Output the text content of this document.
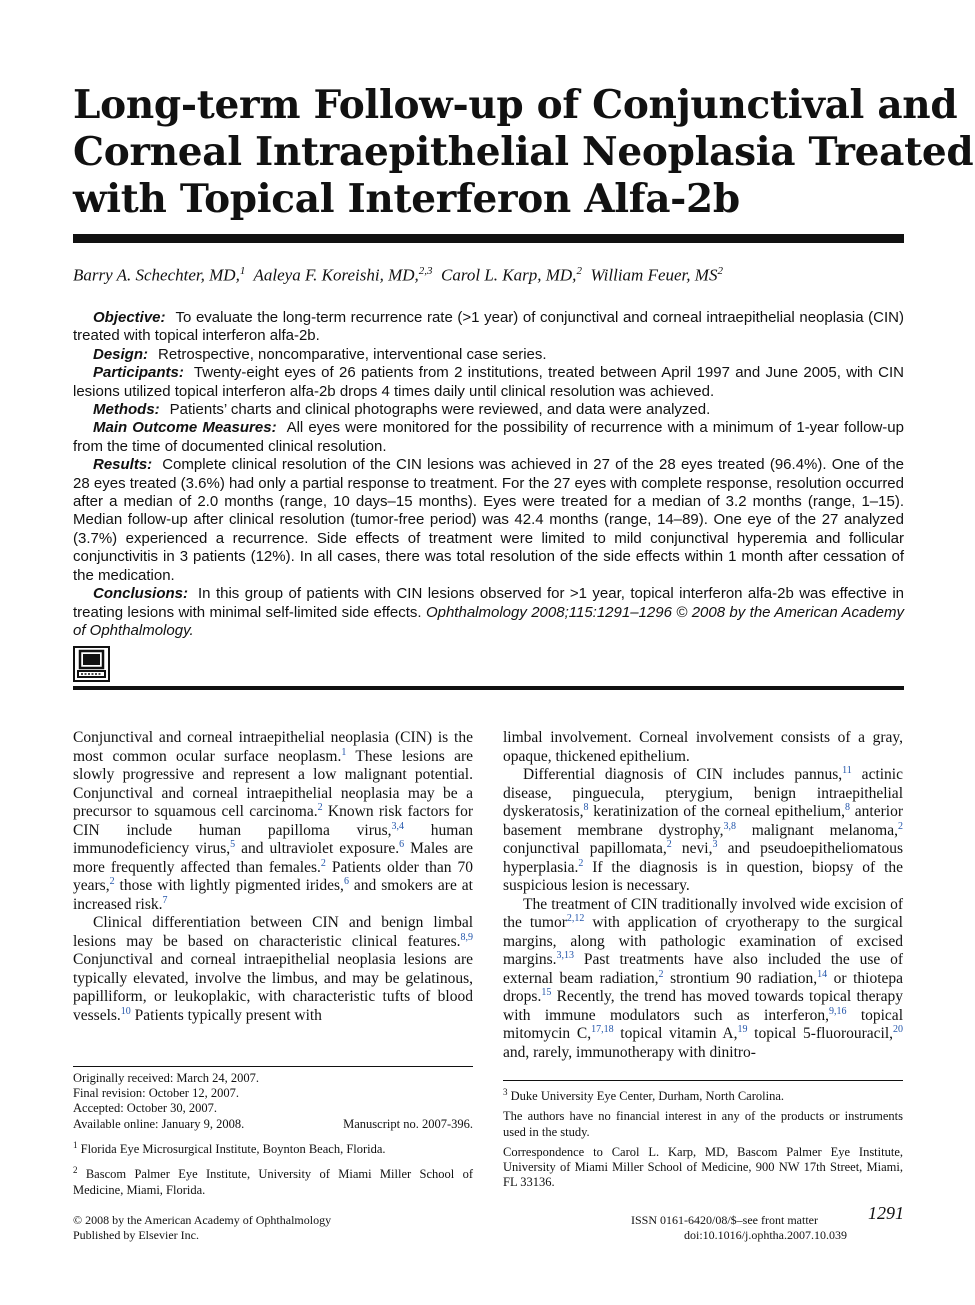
Long-term Follow-up of Conjunctival and
Corneal Intraepithelial Neoplasia Treated
with Topical Interferon Alfa-2b
Barry A. Schechter, MD,$^1$ Aaleya F. Koreishi, MD,$^{2,3}$ Carol L. Karp, MD,$^2$ William Feuer, $MS^2$

Objective: To evaluate the long-term recurrence rate (>1 year) of conjunctival and corneal intraepithelial neoplasia (CIN) treated with topical interferon alfa-2b.

Design: Retrospective, noncomparative, interventional case series.

Participants: Twenty-eight eyes of 26 patients from 2 institutions, treated between April 1997 and June 2005, with CIN lesions utilized topical interferon alfa-2b drops 4 times daily until clinical resolution was achieved.

Methods: Patients’ charts and clinical photographs were reviewed, and data were analyzed.

Main Outcome Measures: All eyes were monitored for the possibility of recurrence with a minimum of 1-year follow-up from the time of documented clinical resolution.

Results: Complete clinical resolution of the CIN lesions was achieved in 27 of the 28 eyes treated (96.4%). One of the 28 eyes treated (3.6%) had only a partial response to treatment. For the 27 eyes with complete response, resolution occurred after a median of 2.0 months (range, 10 days–15 months). Eyes were treated for a median of 3.2 months (range, 1–15). Median follow-up after clinical resolution (tumor-free period) was 42.4 months (range, 14–89). One eye of the 27 analyzed (3.7%) experienced a recurrence. Side effects of treatment were limited to mild conjunctival hyperemia and follicular conjunctivitis in 3 patients (12%). In all cases, there was total resolution of the side effects within 1 month after cessation of the medication.

Conclusions: In this group of patients with CIN lesions observed for >1 year, topical interferon alfa-2b was effective in treating lesions with minimal self-limited side effects. Ophthalmology 2008;115:1291–1296 © 2008 by the American Academy of Ophthalmology.

Conjunctival and corneal intraepithelial neoplasia (CIN) is the most common ocular surface neoplasm.$^1$ These lesions are slowly progressive and represent a low malignant potential. Conjunctival and corneal intraepithelial neoplasia may be a precursor to squamous cell carcinoma.$^2$ Known risk factors for CIN include human papilloma virus,$^{3,4}$ human immunodeficiency virus,$^5$ and ultraviolet exposure.$^6$ Males are more frequently affected than females.$^2$ Patients older than 70 years,$^2$ those with lightly pigmented irides,$^6$ and smokers are at increased risk.$^7$

Clinical differentiation between CIN and benign limbal lesions may be based on characteristic clinical features.$^{8,9}$ Conjunctival and corneal intraepithelial neoplasia lesions are typically elevated, involve the limbus, and may be gelatinous, papilliform, or leukoplakic, with characteristic tufts of blood vessels.$^{10}$ Patients typically present with

limbal involvement. Corneal involvement consists of a gray, opaque, thickened epithelium.

Differential diagnosis of CIN includes pannus,$^{11}$ actinic disease, pinguecula, pterygium, benign intraepithelial dyskeratosis,$^8$ keratinization of the corneal epithelium,$^8$ anterior basement membrane dystrophy,$^{3,8}$ malignant melanoma,$^2$ conjunctival papillomata,$^2$ nevi,$^3$ and pseudoepitheliomatous hyperplasia.$^2$ If the diagnosis is in question, biopsy of the suspicious lesion is necessary.

The treatment of CIN traditionally involved wide excision of the tumor$^{2,12}$ with application of cryotherapy to the surgical margins, along with pathologic examination of excised margins.$^{3,13}$ Past treatments have also included the use of external beam radiation,$^2$ strontium 90 radiation,$^{14}$ or thiotepa drops.$^{15}$ Recently, the trend has moved towards topical therapy with immune modulators such as interferon,$^{9,16}$ topical mitomycin C,$^{17,18}$ topical vitamin A,$^{19}$ topical 5-fluorouracil,$^{20}$ and, rarely, immunotherapy with dinitro-

Originally received: March 24, 2007.

Final revision: October 12, 2007.

Accepted: October 30, 2007.

Available online: January 9, 2008.	Manuscript no. 2007-396.

$^1$ Florida Eye Microsurgical Institute, Boynton Beach, Florida.

$^2$ Bascom Palmer Eye Institute, University of Miami Miller School of Medicine, Miami, Florida.

$^3$ Duke University Eye Center, Durham, North Carolina.

The authors have no financial interest in any of the products or instruments used in the study.

Correspondence to Carol L. Karp, MD, Bascom Palmer Eye Institute, University of Miami Miller School of Medicine, 900 NW 17th Street, Miami, FL 33136.

© 2008 by the American Academy of Ophthalmology
Published by Elsevier Inc.
ISSN 0161-6420/08/$–see front matter
doi:10.1016/j.ophtha.2007.10.039
1291
